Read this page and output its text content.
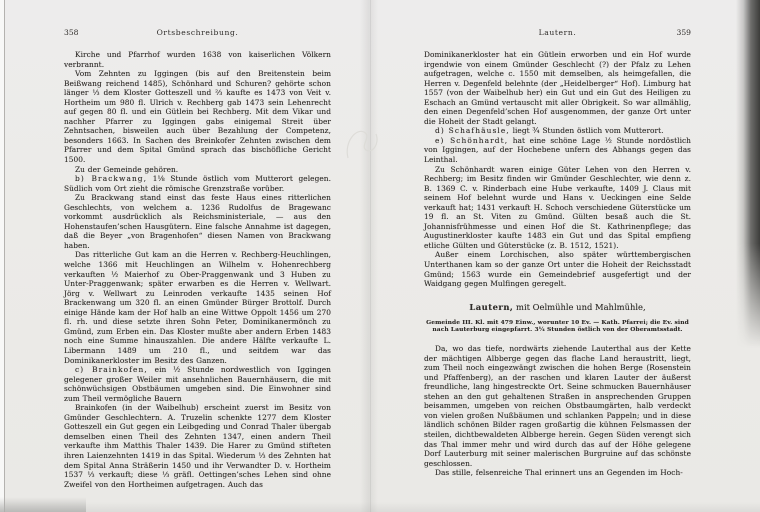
358	Ortsbeschreibung.

Kirche und Pfarrhof wurden 1638 von kaiserlichen Völkern verbrannt.

Vom Zehnten zu Iggingen (bis auf den Breitenstein beim Beißwang reichend 1485), Schönhard und Schuren? gehörte schon länger ⅓ dem Kloster Gotteszell und ⅔ kaufte es 1473 von Veit v. Hortheim um 980 fl. Ulrich v. Rechberg gab 1473 sein Lehenrecht auf gegen 80 fl. und ein Gütlein bei Rechberg. Mit dem Vikar und nachher Pfarrer zu Iggingen gabs einigemal Streit über Zehntsachen, bisweilen auch über Bezahlung der Competenz, besonders 1663. In Sachen des Breinkofer Zehnten zwischen dem Pfarrer und dem Spital Gmünd sprach das bischöfliche Gericht 1500.

Zu der Gemeinde gehören.

b) Brackwang, 1⅛ Stunde östlich vom Mutterort gelegen. Südlich vom Ort zieht die römische Grenzstraße vorüber.

Zu Brackwang stand einst das feste Haus eines ritterlichen Geschlechts, von welchem a. 1236 Rudolfus de Bragewanc vorkommt ausdrücklich als Reichsministeriale, — aus den Hohenstaufen’schen Hausgütern. Eine falsche Annahme ist dagegen, daß die Beyer „von Bragenhofen“ diesen Namen von Brackwang haben.

Das ritterliche Gut kam an die Herren v. Rechberg-Heuchlingen, welche 1366 mit Heuchlingen an Wilhelm v. Hohenrechberg verkauften ½ Maierhof zu Ober-Praggenwank und 3 Huben zu Unter-Praggenwank; später erwarben es die Herren v. Wellwart. Jörg v. Wellwart zu Leinroden verkaufte 1435 seinen Hof Brackenwang um 320 fl. an einen Gmünder Bürger Brottolf. Durch einige Hände kam der Hof halb an eine Wittwe Oppolt 1456 um 270 fl. rh. und diese setzte ihren Sohn Peter, Dominikanermönch zu Gmünd, zum Erben ein. Das Kloster mußte aber andern Erben 1483 noch eine Summe hinauszahlen. Die andere Hälfte verkaufte L. Libermann 1489 um 210 fl., und seitdem war das Dominikanerkloster im Besitz des Ganzen.

c) Brainkofen, ein ½ Stunde nordwestlich von Iggingen gelegener großer Weiler mit ansehnlichen Bauernhäusern, die mit schönwüchsigen Obstbäumen umgeben sind. Die Einwohner sind zum Theil vermögliche Bauern

Brainkofen (in der Waibelhub) erscheint zuerst im Besitz von Gmünder Geschlechtern. A. Truzelin schenkte 1277 dem Kloster Gotteszell ein Gut gegen ein Leibgeding und Conrad Thaler übergab demselben einen Theil des Zehnten 1347, einen andern Theil verkaufte ihm Matthis Thaler 1439. Die Harer zu Gmünd stifteten ihren Laienzehnten 1419 in das Spital. Wiederum ⅓ des Zehnten hat dem Spital Anna Sträßerin 1450 und ihr Verwandter D. v. Hortheim 1537 ⅓ verkauft; diese ⅓ gräfl. Oettingen’sches Lehen sind ohne Zweifel von den Hortheimen aufgetragen. Auch das

Lautern.	359

Dominikanerkloster hat ein Gütlein erworben und ein Hof wurde irgendwie von einem Gmünder Geschlecht (?) der Pfalz zu Lehen aufgetragen, welche c. 1550 mit demselben, als heimgefallen, die Herren v. Degenfeld belehnte (der „Heidelberger“ Hof). Limburg hat 1557 (von der Waibelhub her) ein Gut und ein Gut des Heiligen zu Eschach an Gmünd vertauscht mit aller Obrigkeit. So war allmählig, den einen Degenfeld’schen Hof ausgenommen, der ganze Ort unter die Hoheit der Stadt gelangt.

d) Schafhäusle, liegt ¾ Stunden östlich vom Mutterort.

e) Schönhardt, hat eine schöne Lage ½ Stunde nordöstlich von Iggingen, auf der Hochebene unfern des Abhangs gegen das Leinthal.

Zu Schönhardt waren einige Güter Lehen von den Herren v. Rechberg; im Besitz finden wir Gmünder Geschlechter, wie denn z. B. 1369 C. v. Rinderbach eine Hube verkaufte, 1409 J. Claus mit seinem Hof belehnt wurde und Hans v. Ueckingen eine Selde verkauft hat; 1431 verkauft H. Schoch verschiedene Güterstücke um 19 fl. an St. Viten zu Gmünd. Gülten besaß auch die St. Johannisfrühmesse und einen Hof die St. Kathrinenpflege; das Augustinerkloster kaufte 1483 ein Gut und das Spital empfieng etliche Gülten und Güterstücke (z. B. 1512, 1521).

Außer einem Lorchischen, also später württembergischen Unterthanen kam so der ganze Ort unter die Hoheit der Reichsstadt Gmünd; 1563 wurde ein Gemeindebrief ausgefertigt und der Waidgang gegen Mulfingen geregelt.

Lautern, mit Oelmühle und Mahlmühle,
Gemeinde III. Kl. mit 479 Einw., worunter 10 Ev. — Kath. Pfarrei; die Ev. sind nach Lauterburg eingepfarrt. 3¼ Stunden östlich von der Oberamtsstadt.

Da, wo das tiefe, nordwärts ziehende Lauterthal aus der Kette der mächtigen Albberge gegen das flache Land heraustritt, liegt, zum Theil noch eingezwängt zwischen die hohen Berge (Rosenstein und Pfaffenberg), an der raschen und klaren Lauter der äußerst freundliche, lang hingestreckte Ort. Seine schmucken Bauernhäuser stehen an den gut gehaltenen Straßen in ansprechenden Gruppen beisammen, umgeben von reichen Obstbaumgärten, halb verdeckt von vielen großen Nußbäumen und schlanken Pappeln; und in diese ländlich schönen Bilder ragen großartig die kühnen Felsmassen der steilen, dichtbewaldeten Albberge herein. Gegen Süden verengt sich das Thal immer mehr und wird durch das auf der Höhe gelegene Dorf Lauterburg mit seiner malerischen Burgruine auf das schönste geschlossen.

Das stille, felsenreiche Thal erinnert uns an Gegenden im Hoch-
